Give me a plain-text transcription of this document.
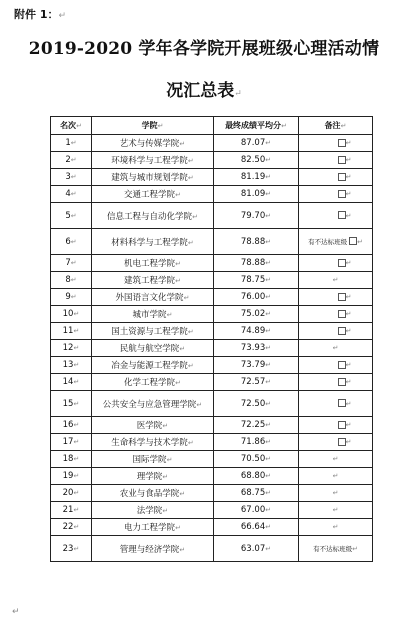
附件 1：↵
2019-2020 学年各学院开展班级心理活动情
况汇总表↵
名次↵	学院↵	最终成绩平均分↵	备注↵
1↵	艺术与传媒学院↵	87.07↵	↵
2↵	环境科学与工程学院↵	82.50↵	↵
3↵	建筑与城市规划学院↵	81.19↵	↵
4↵	交通工程学院↵	81.09↵	↵
5↵	信息工程与自动化学院↵	79.70↵	↵
6↵	材料科学与工程学院↵	78.88↵	有不达标班级 ↵
7↵	机电工程学院↵	78.88↵	↵
8↵	建筑工程学院↵	78.75↵	↵
9↵	外国语言文化学院↵	76.00↵	↵
10↵	城市学院↵	75.02↵	↵
11↵	国土资源与工程学院↵	74.89↵	↵
12↵	民航与航空学院↵	73.93↵	↵
13↵	冶金与能源工程学院↵	73.79↵	↵
14↵	化学工程学院↵	72.57↵	↵
15↵	公共安全与应急管理学院↵	72.50↵	↵
16↵	医学院↵	72.25↵	↵
17↵	生命科学与技术学院↵	71.86↵	↵
18↵	国际学院↵	70.50↵	↵
19↵	理学院↵	68.80↵	↵
20↵	农业与食品学院↵	68.75↵	↵
21↵	法学院↵	67.00↵	↵
22↵	电力工程学院↵	66.64↵	↵
23↵	管理与经济学院↵	63.07↵	有不达标班级↵
↵
